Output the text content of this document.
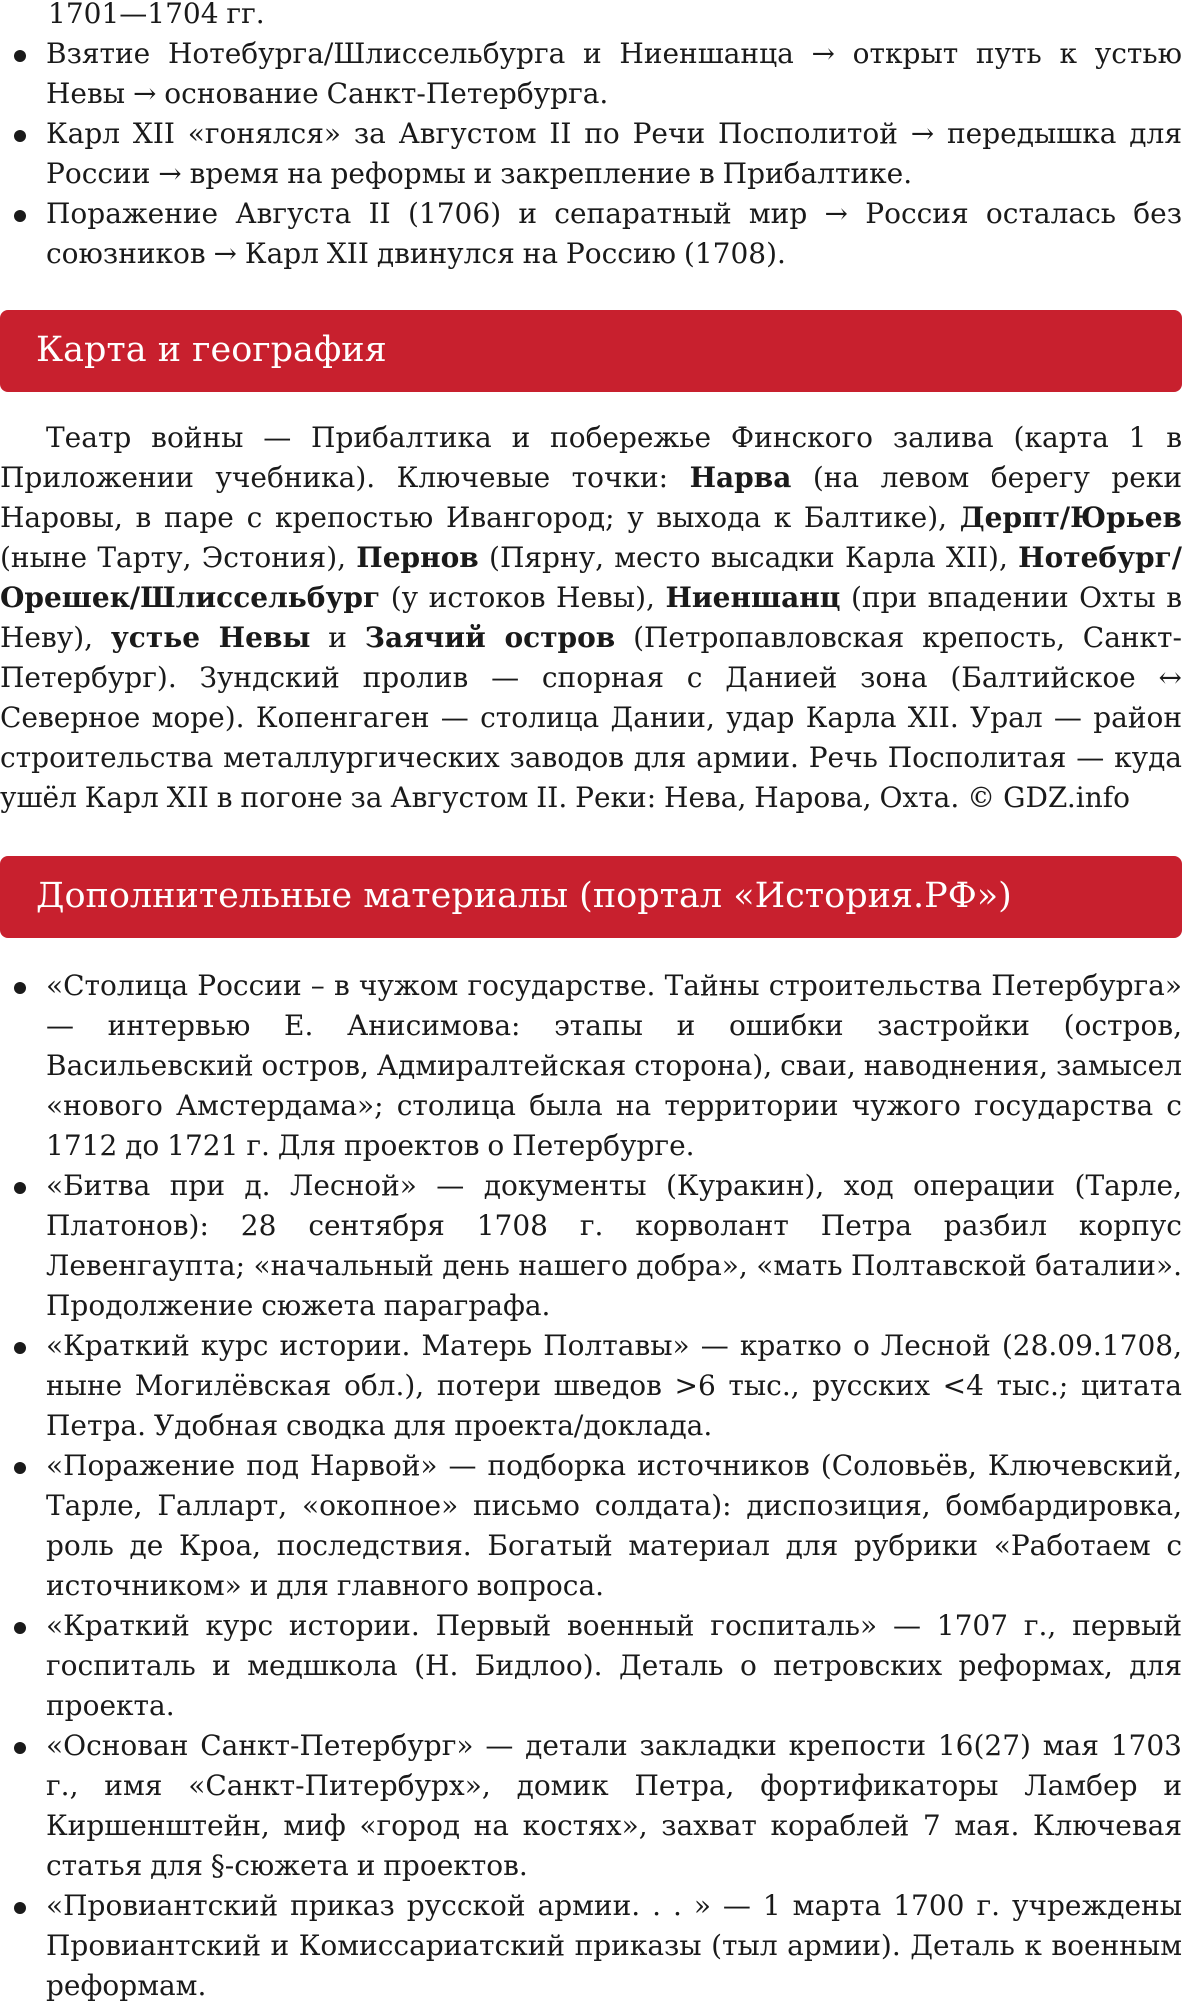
1701—1704 гг.
Взятие Нотебурга/Шлиссельбурга и Ниеншанца → открыт путь к устью Невы → основание Санкт-Петербурга.
Карл XII «гонялся» за Августом II по Речи Посполитой → передышка для России → время на реформы и закрепление в Прибалтике.
Поражение Августа II (1706) и сепаратный мир → Россия осталась без союзников → Карл XII двинулся на Россию (1708).
Карта и география
Театр войны — Прибалтика и побережье Финского залива (карта 1 в Приложении учебника). Ключевые точки: Нарва (на левом берегу реки Наровы, в паре с крепостью Ивангород; у выхода к Балтике), Дерпт/Юрьев (ныне Тарту, Эстония), Пернов (Пярну, место высадки Карла XII), Нотебург/Орешек/Шлиссельбург (у истоков Невы), Ниеншанц (при впадении Охты в Неву), устье Невы и Заячий остров (Петропавловская крепость, Санкт-Петербург). Зундский пролив — спорная с Данией зона (Балтийское ↔ Северное море). Копенгаген — столица Дании, удар Карла XII. Урал — район строительства металлургических заводов для армии. Речь Посполитая — куда ушёл Карл XII в погоне за Августом II. Реки: Нева, Нарова, Охта. © GDZ.info
Дополнительные материалы (портал «История.РФ»)
«Столица России – в чужом государстве. Тайны строительства Петербурга» — интервью Е. Анисимова: этапы и ошибки застройки (остров, Васильевский остров, Адмиралтейская сторона), сваи, наводнения, замысел «нового Амстердама»; столица была на территории чужого государства с 1712 до 1721 г. Для проектов о Петербурге.
«Битва при д. Лесной» — документы (Куракин), ход операции (Тарле, Платонов): 28 сентября 1708 г. корволант Петра разбил корпус Левенгаупта; «начальный день нашего добра», «мать Полтавской баталии». Продолжение сюжета параграфа.
«Краткий курс истории. Матерь Полтавы» — кратко о Лесной (28.09.1708, ныне Могилёвская обл.), потери шведов >6 тыс., русских <4 тыс.; цитата Петра. Удобная сводка для проекта/доклада.
«Поражение под Нарвой» — подборка источников (Соловьёв, Ключевский, Тарле, Галларт, «окопное» письмо солдата): диспозиция, бомбардировка, роль де Кроа, последствия. Богатый материал для рубрики «Работаем с источником» и для главного вопроса.
«Краткий курс истории. Первый военный госпиталь» — 1707 г., первый госпиталь и медшкола (Н. Бидлоо). Деталь о петровских реформах, для проекта.
«Основан Санкт-Петербург» — детали закладки крепости 16(27) мая 1703 г., имя «Санкт-Питербурх», домик Петра, фортификаторы Ламбер и Киршенштейн, миф «город на костях», захват кораблей 7 мая. Ключевая статья для §-сюжета и проектов.
«Провиантский приказ русской армии. . . » — 1 марта 1700 г. учреждены Провиантский и Комиссариатский приказы (тыл армии). Деталь к военным реформам.
